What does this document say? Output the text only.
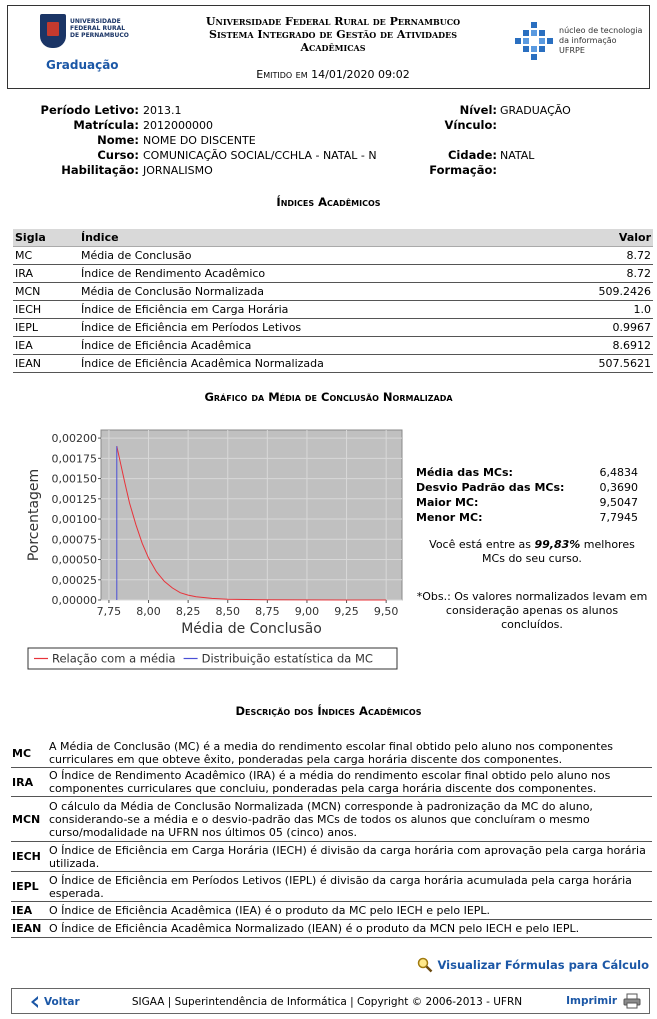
UNIVERSIDADE FEDERAL RURAL DE PERNAMBUCO
Graduação
Universidade Federal Rural de Pernambuco
Sistema Integrado de Gestão de Atividades
Acadêmicas
Emitido em 14/01/2020 09:02
núcleo de tecnologia da informação UFRPE
Período Letivo: 2013.1
Matrícula: 2012000000
Nome: NOME DO DISCENTE
Curso: COMUNICAÇÃO SOCIAL/CCHLA - NATAL - N
Habilitação: JORNALISMO
Nível: GRADUAÇÃO
Vínculo:
Cidade: NATAL
Formação:
Índices Acadêmicos
Sigla	Índice	Valor
MC	Média de Conclusão	8.72
IRA	Índice de Rendimento Acadêmico	8.72
MCN	Média de Conclusão Normalizada	509.2426
IECH	Índice de Eficiência em Carga Horária	1.0
IEPL	Índice de Eficiência em Períodos Letivos	0.9967
IEA	Índice de Eficiência Acadêmica	8.6912
IEAN	Índice de Eficiência Acadêmica Normalizada	507.5621
Gráfico da Média de Conclusão Normalizada
0,00000
0,00025
0,00050
0,00075
0,00100
0,00125
0,00150
0,00175
0,00200
7,75 8,00 8,25 8,50 8,75 9,00 9,25 9,50
Média de Conclusão
Porcentagem
Relação com a média Distribuição estatística da MC
Média das MCs:	6,4834
Desvio Padrão das MCs:	0,3690
Maior MC:	9,5047
Menor MC:	7,7945
Você está entre as 99,83% melhores MCs do seu curso.
*Obs.: Os valores normalizados levam em consideração apenas os alunos concluídos.
Descrição dos Índices Acadêmicos
MC	A Média de Conclusão (MC) é a media do rendimento escolar final obtido pelo aluno nos componentes curriculares em que obteve êxito, ponderadas pela carga horária discente dos componentes.
IRA	O Índice de Rendimento Acadêmico (IRA) é a média do rendimento escolar final obtido pelo aluno nos componentes curriculares que concluiu, ponderadas pela carga horária discente dos componentes.
MCN	O cálculo da Média de Conclusão Normalizada (MCN) corresponde à padronização da MC do aluno, considerando-se a média e o desvio-padrão das MCs de todos os alunos que concluíram o mesmo curso/modalidade na UFRN nos últimos 05 (cinco) anos.
IECH	O Índice de Eficiência em Carga Horária (IECH) é divisão da carga horária com aprovação pela carga horária utilizada.
IEPL	O Índice de Eficiência em Períodos Letivos (IEPL) é divisão da carga horária acumulada pela carga horária esperada.
IEA	O Índice de Eficiência Acadêmica (IEA) é o produto da MC pelo IECH e pelo IEPL.
IEAN	O Índice de Eficiência Acadêmica Normalizado (IEAN) é o produto da MCN pelo IECH e pelo IEPL.
Visualizar Fórmulas para Cálculo
Voltar	SIGAA | Superintendência de Informática | Copyright © 2006-2013 - UFRN	Imprimir
